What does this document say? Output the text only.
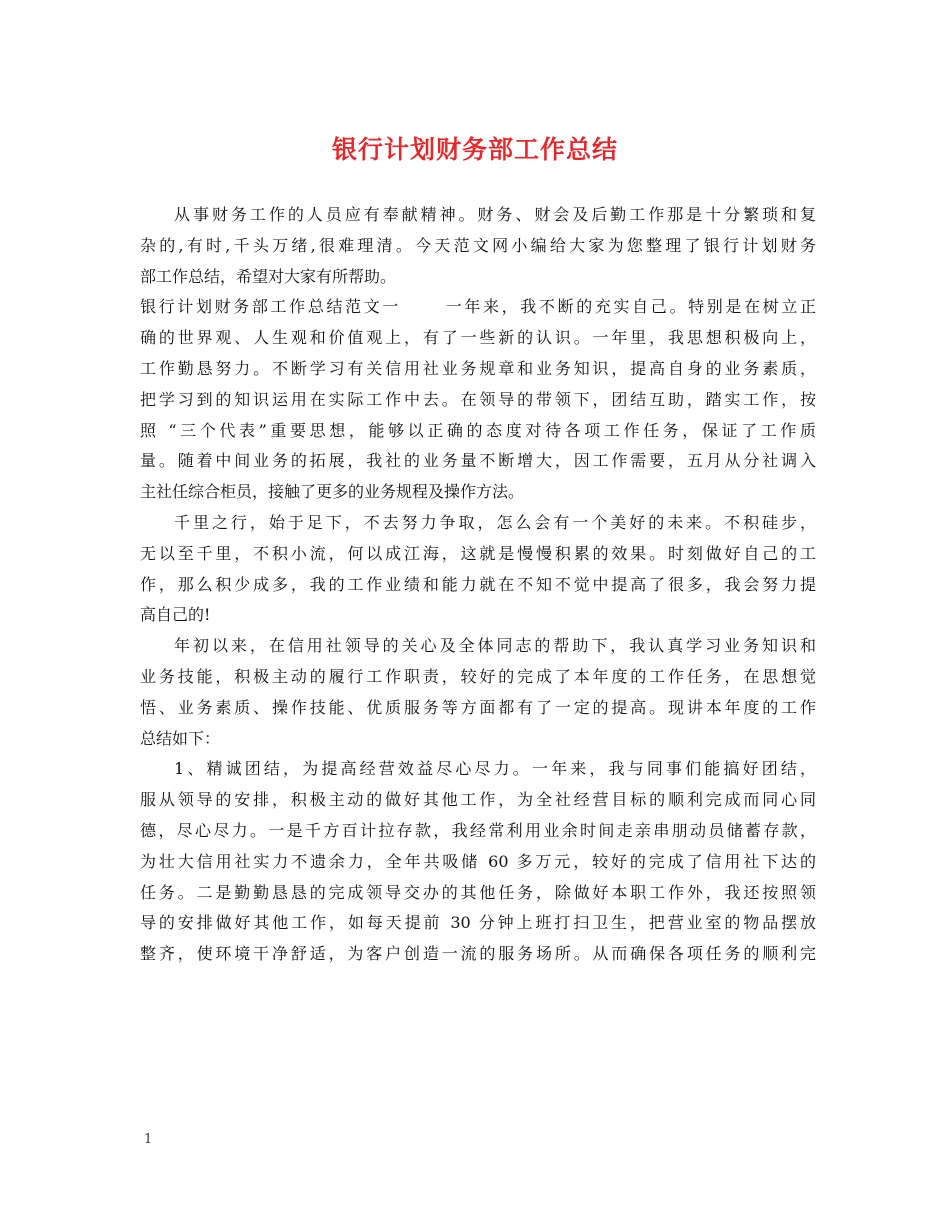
银行计划财务部工作总结
从事财务工作的人员应有奉献精神。财务、财会及后勤工作那是十分繁琐和复
杂的,有时,千头万绪,很难理清。今天范文网小编给大家为您整理了银行计划财务
部工作总结，希望对大家有所帮助。
银行计划财务部工作总结范文一	一年来，我不断的充实自己。特别是在树立正
确的世界观、人生观和价值观上，有了一些新的认识。一年里，我思想积极向上，
工作勤恳努力。不断学习有关信用社业务规章和业务知识，提高自身的业务素质，
把学习到的知识运用在实际工作中去。在领导的带领下，团结互助，踏实工作，按
照 “三个代表”重要思想，能够以正确的态度对待各项工作任务，保证了工作质
量。随着中间业务的拓展，我社的业务量不断增大，因工作需要，五月从分社调入
主社任综合柜员，接触了更多的业务规程及操作方法。
千里之行，始于足下，不去努力争取，怎么会有一个美好的未来。不积硅步，
无以至千里，不积小流，何以成江海，这就是慢慢积累的效果。时刻做好自己的工
作，那么积少成多，我的工作业绩和能力就在不知不觉中提高了很多，我会努力提
高自己的!
年初以来，在信用社领导的关心及全体同志的帮助下，我认真学习业务知识和
业务技能，积极主动的履行工作职责，较好的完成了本年度的工作任务，在思想觉
悟、业务素质、操作技能、优质服务等方面都有了一定的提高。现讲本年度的工作
总结如下：
1、精诚团结，为提高经营效益尽心尽力。一年来，我与同事们能搞好团结，
服从领导的安排，积极主动的做好其他工作，为全社经营目标的顺利完成而同心同
德，尽心尽力。一是千方百计拉存款，我经常利用业余时间走亲串朋动员储蓄存款，
为壮大信用社实力不遗余力，全年共吸储 60 多万元，较好的完成了信用社下达的
任务。二是勤勤恳恳的完成领导交办的其他任务，除做好本职工作外，我还按照领
导的安排做好其他工作，如每天提前 30 分钟上班打扫卫生，把营业室的物品摆放
整齐，使环境干净舒适，为客户创造一流的服务场所。从而确保各项任务的顺利完
1
